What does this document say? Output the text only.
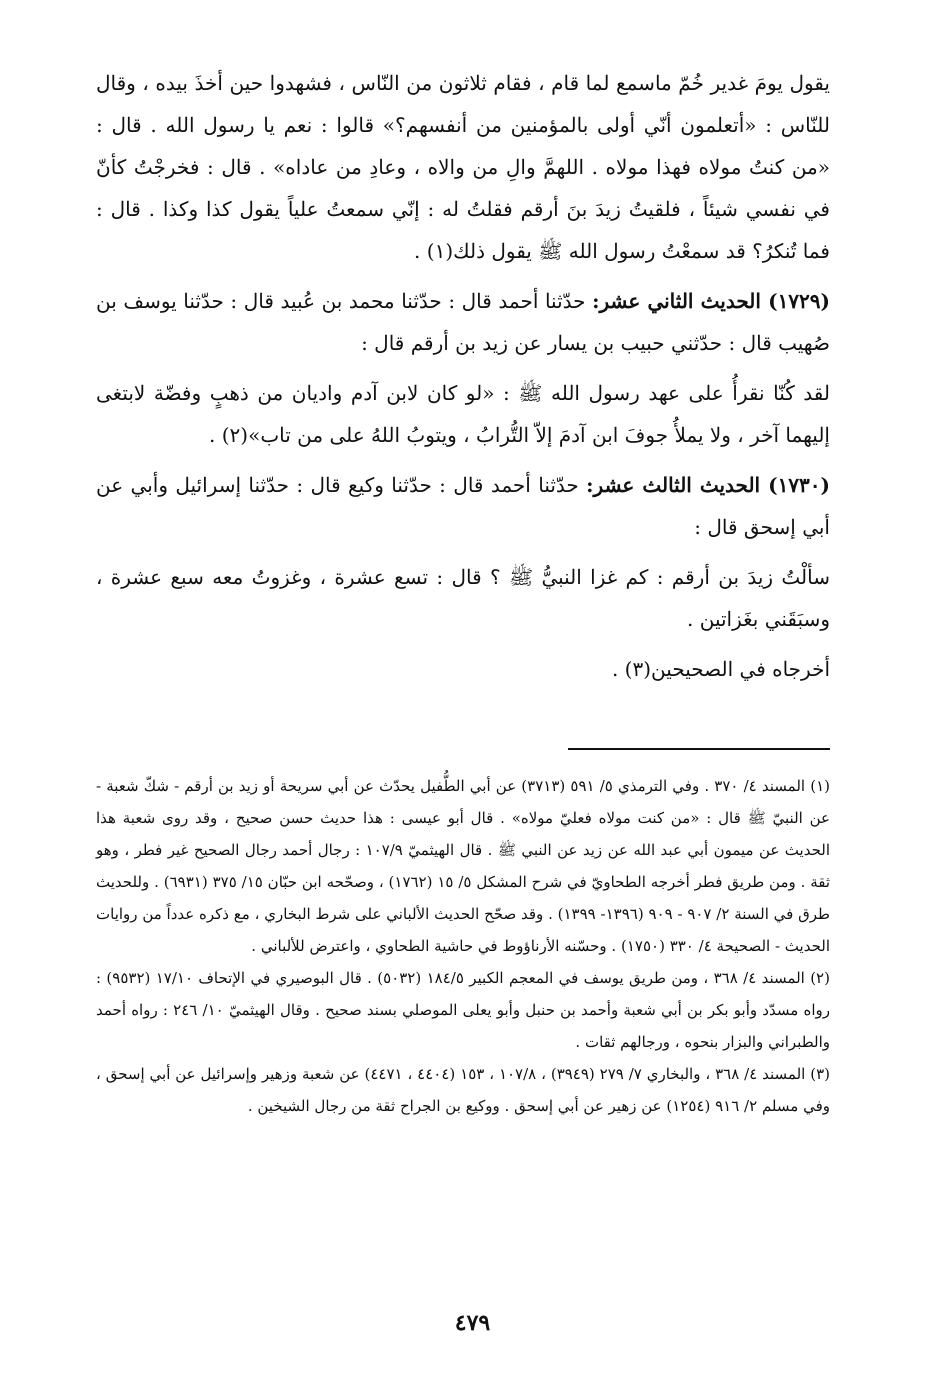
يقول يومَ غدير خُمّ ماسمع لما قام ، فقام ثلاثون من النّاس ، فشهدوا حين أخذَ بيده ، وقال للنّاس : «أتعلمون أنّي أولى بالمؤمنين من أنفسهم؟» قالوا : نعم يا رسول الله . قال : «من كنتُ مولاه فهذا مولاه . اللهمَّ والِ من والاه ، وعادِ من عاداه» . قال : فخرجْتُ كأنّ في نفسي شيئاً ، فلقيتُ زيدَ بنَ أرقم فقلتُ له : إنّي سمعتُ علياً يقول كذا وكذا . قال : فما تُنكرُ؟ قد سمعْتُ رسول الله ﷺ يقول ذلك(١) .

(١٧٢٩) الحديث الثاني عشر: حدّثنا أحمد قال : حدّثنا محمد بن عُبيد قال : حدّثنا يوسف بن صُهيب قال : حدّثني حبيب بن يسار عن زيد بن أرقم قال :

لقد كُنّا نقرأُ على عهد رسول الله ﷺ : «لو كان لابن آدم واديان من ذهبٍ وفضّة لابتغى إليهما آخر ، ولا يملأُ جوفَ ابن آدمَ إلاّ التُّرابُ ، ويتوبُ اللهُ على من تاب»(٢) .

(١٧٣٠) الحديث الثالث عشر: حدّثنا أحمد قال : حدّثنا وكيع قال : حدّثنا إسرائيل وأبي عن أبي إسحق قال :

سألْتُ زيدَ بن أرقم : كم غزا النبيُّ ﷺ ؟ قال : تسع عشرة ، وغزوتُ معه سبع عشرة ، وسبَقَني بغَزاتين .

أخرجاه في الصحيحين(٣) .

(١) المسند ٤/ ٣٧٠ . وفي الترمذي ٥/ ٥٩١ (٣٧١٣) عن أبي الطُّفيل يحدّث عن أبي سريحة أو زيد بن أرقم - شكّ شعبة - عن النبيّ ﷺ قال : «من كنت مولاه فعليّ مولاه» . قال أبو عيسى : هذا حديث حسن صحيح ، وقد روى شعبة هذا الحديث عن ميمون أبي عبد الله عن زيد عن النبي ﷺ . قال الهيثميّ ١٠٧/٩ : رجال أحمد رجال الصحيح غير فطر ، وهو ثقة . ومن طريق فطر أخرجه الطحاويّ في شرح المشكل ٥/ ١٥ (١٧٦٢) ، وصحّحه ابن حبّان ١٥/ ٣٧٥ (٦٩٣١) . وللحديث طرق في السنة ٢/ ٩٠٧ - ٩٠٩ (١٣٩٦- ١٣٩٩) . وقد صحّح الحديث الألباني على شرط البخاري ، مع ذكره عدداً من روايات الحديث - الصحيحة ٤/ ٣٣٠ (١٧٥٠) . وحسّنه الأرناؤوط في حاشية الطحاوي ، واعترض للألباني .

(٢) المسند ٤/ ٣٦٨ ، ومن طريق يوسف في المعجم الكبير ١٨٤/٥ (٥٠٣٢) . قال البوصيري في الإتحاف ١٧/١٠ (٩٥٣٢) : رواه مسدّد وأبو بكر بن أبي شعبة وأحمد بن حنبل وأبو يعلى الموصلي بسند صحيح . وقال الهيثميّ ١٠/ ٢٤٦ : رواه أحمد والطبراني والبزار بنحوه ، ورجالهم ثقات .

(٣) المسند ٤/ ٣٦٨ ، والبخاري ٧/ ٢٧٩ (٣٩٤٩) ، ١٠٧/٨ ، ١٥٣ (٤٤٠٤ ، ٤٤٧١) عن شعبة وزهير وإسرائيل عن أبي إسحق ، وفي مسلم ٢/ ٩١٦ (١٢٥٤) عن زهير عن أبي إسحق . ووكيع بن الجراح ثقة من رجال الشيخين .

٤٧٩
